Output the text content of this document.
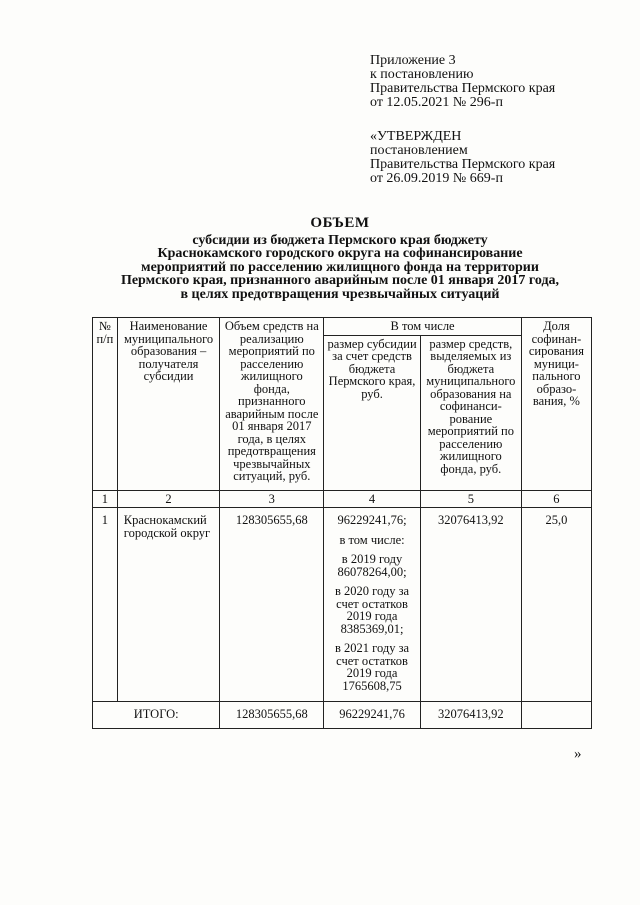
Приложение 3
к постановлению
Правительства Пермского края
от 12.05.2021 № 296-п
«УТВЕРЖДЕН
постановлением
Правительства Пермского края
от 26.09.2019 № 669-п
ОБЪЕМ
субсидии из бюджета Пермского края бюджету
Краснокамского городского округа на софинансирование
мероприятий по расселению жилищного фонда на территории
Пермского края, признанного аварийным после 01 января 2017 года,
в целях предотвращения чрезвычайных ситуаций
№ п/п	Наименование муниципального образования – получателя субсидии	Объем средств на реализацию мероприятий по расселению жилищного фонда, признанного аварийным после 01 января 2017 года, в целях предотвращения чрезвычайных ситуаций, руб.	В том числе		Доля софинан-сирования муници-пального образо-вания, %
			размер субсидии за счет средств бюджета Пермского края, руб.	размер средств, выделяемых из бюджета муниципального образования на софинанси-рование мероприятий по расселению жилищного фонда, руб.	
1	2	3	4	5	6
1	Краснокамский городской округ	128305655,68	96229241,76;
в том числе:
в 2019 году 86078264,00;
в 2020 году за счет остатков 2019 года 8385369,01;
в 2021 году за счет остатков 2019 года 1765608,75	32076413,92	25,0
ИТОГО:		128305655,68	96229241,76	32076413,92	
»
